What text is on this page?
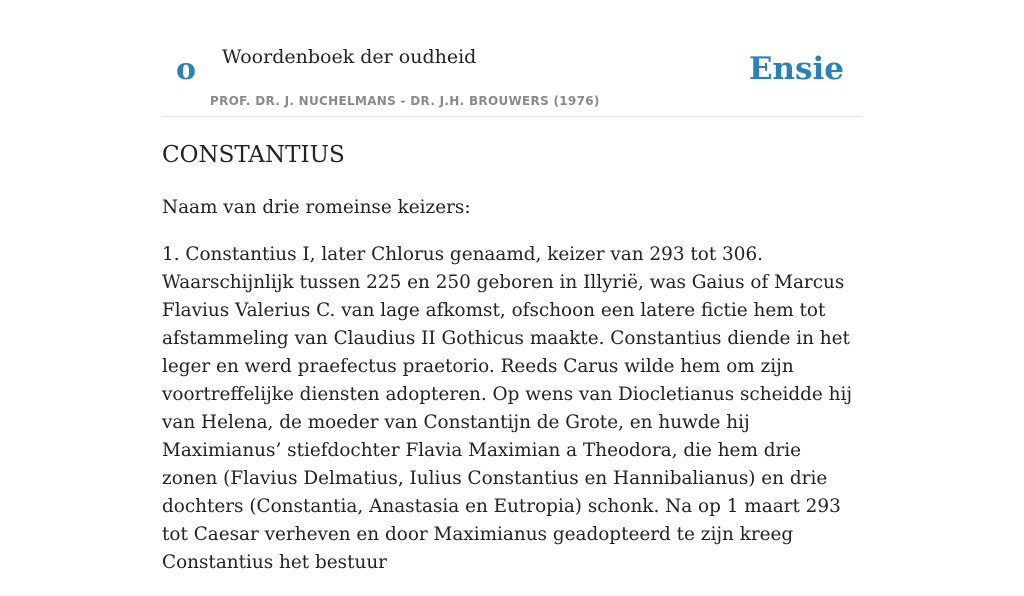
o Woordenboek der oudheid
PROF. DR. J. NUCHELMANS - DR. J.H. BROUWERS (1976)
Ensie
CONSTANTIUS

Naam van drie romeinse keizers:

1. Constantius I, later Chlorus genaamd, keizer van 293 tot 306. Waarschijnlijk tussen 225 en 250 geboren in Illyrië, was Gaius of Marcus Flavius Valerius C. van lage afkomst, ofschoon een latere fictie hem tot afstammeling van Claudius II Gothicus maakte. Constantius diende in het leger en werd praefectus praetorio. Reeds Carus wilde hem om zijn voortreffelijke diensten adopteren. Op wens van Diocletianus scheidde hij van Helena, de moeder van Constantijn de Grote, en huwde hij Maximianus’ stiefdochter Flavia Maximian a Theodora, die hem drie zonen (Flavius Delmatius, Iulius Constantius en Hannibalianus) en drie dochters (Constantia, Anastasia en Eutropia) schonk. Na op 1 maart 293 tot Caesar verheven en door Maximianus geadopteerd te zijn kreeg Constantius het bestuur
